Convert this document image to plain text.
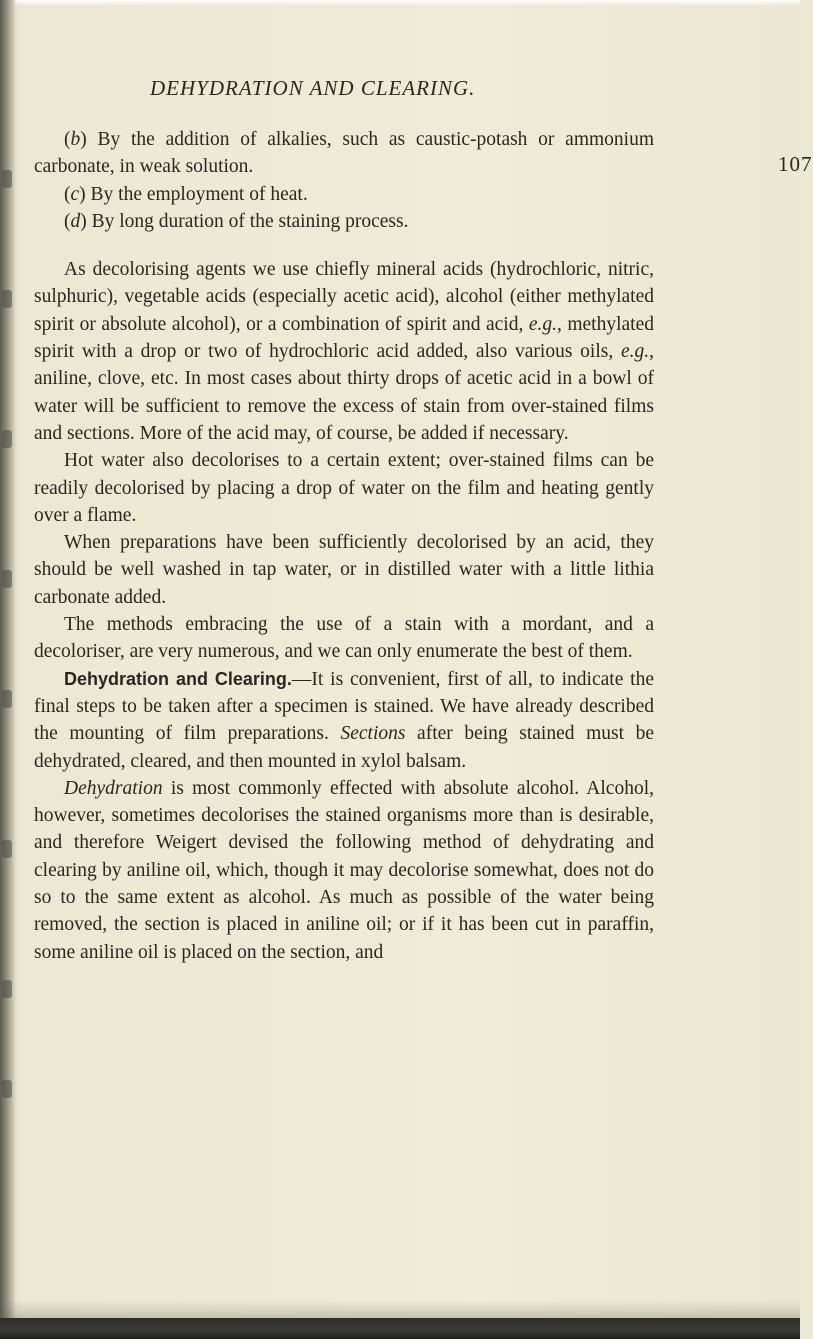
DEHYDRATION AND CLEARING.
107

(b) By the addition of alkalies, such as caustic-potash or ammonium carbonate, in weak solution.

(c) By the employment of heat.

(d) By long duration of the staining process.

As decolorising agents we use chiefly mineral acids (hydrochloric, nitric, sulphuric), vegetable acids (especially acetic acid), alcohol (either methylated spirit or absolute alcohol), or a combination of spirit and acid, e.g., methylated spirit with a drop or two of hydrochloric acid added, also various oils, e.g., aniline, clove, etc. In most cases about thirty drops of acetic acid in a bowl of water will be sufficient to remove the excess of stain from over-stained films and sections. More of the acid may, of course, be added if necessary.

Hot water also decolorises to a certain extent; over-stained films can be readily decolorised by placing a drop of water on the film and heating gently over a flame.

When preparations have been sufficiently decolorised by an acid, they should be well washed in tap water, or in distilled water with a little lithia carbonate added.

The methods embracing the use of a stain with a mordant, and a decoloriser, are very numerous, and we can only enumerate the best of them.

Dehydration and Clearing.—It is convenient, first of all, to indicate the final steps to be taken after a specimen is stained. We have already described the mounting of film preparations. Sections after being stained must be dehydrated, cleared, and then mounted in xylol balsam.

Dehydration is most commonly effected with absolute alcohol. Alcohol, however, sometimes decolorises the stained organisms more than is desirable, and therefore Weigert devised the following method of dehydrating and clearing by aniline oil, which, though it may decolorise somewhat, does not do so to the same extent as alcohol. As much as possible of the water being removed, the section is placed in aniline oil; or if it has been cut in paraffin, some aniline oil is placed on the section, and
